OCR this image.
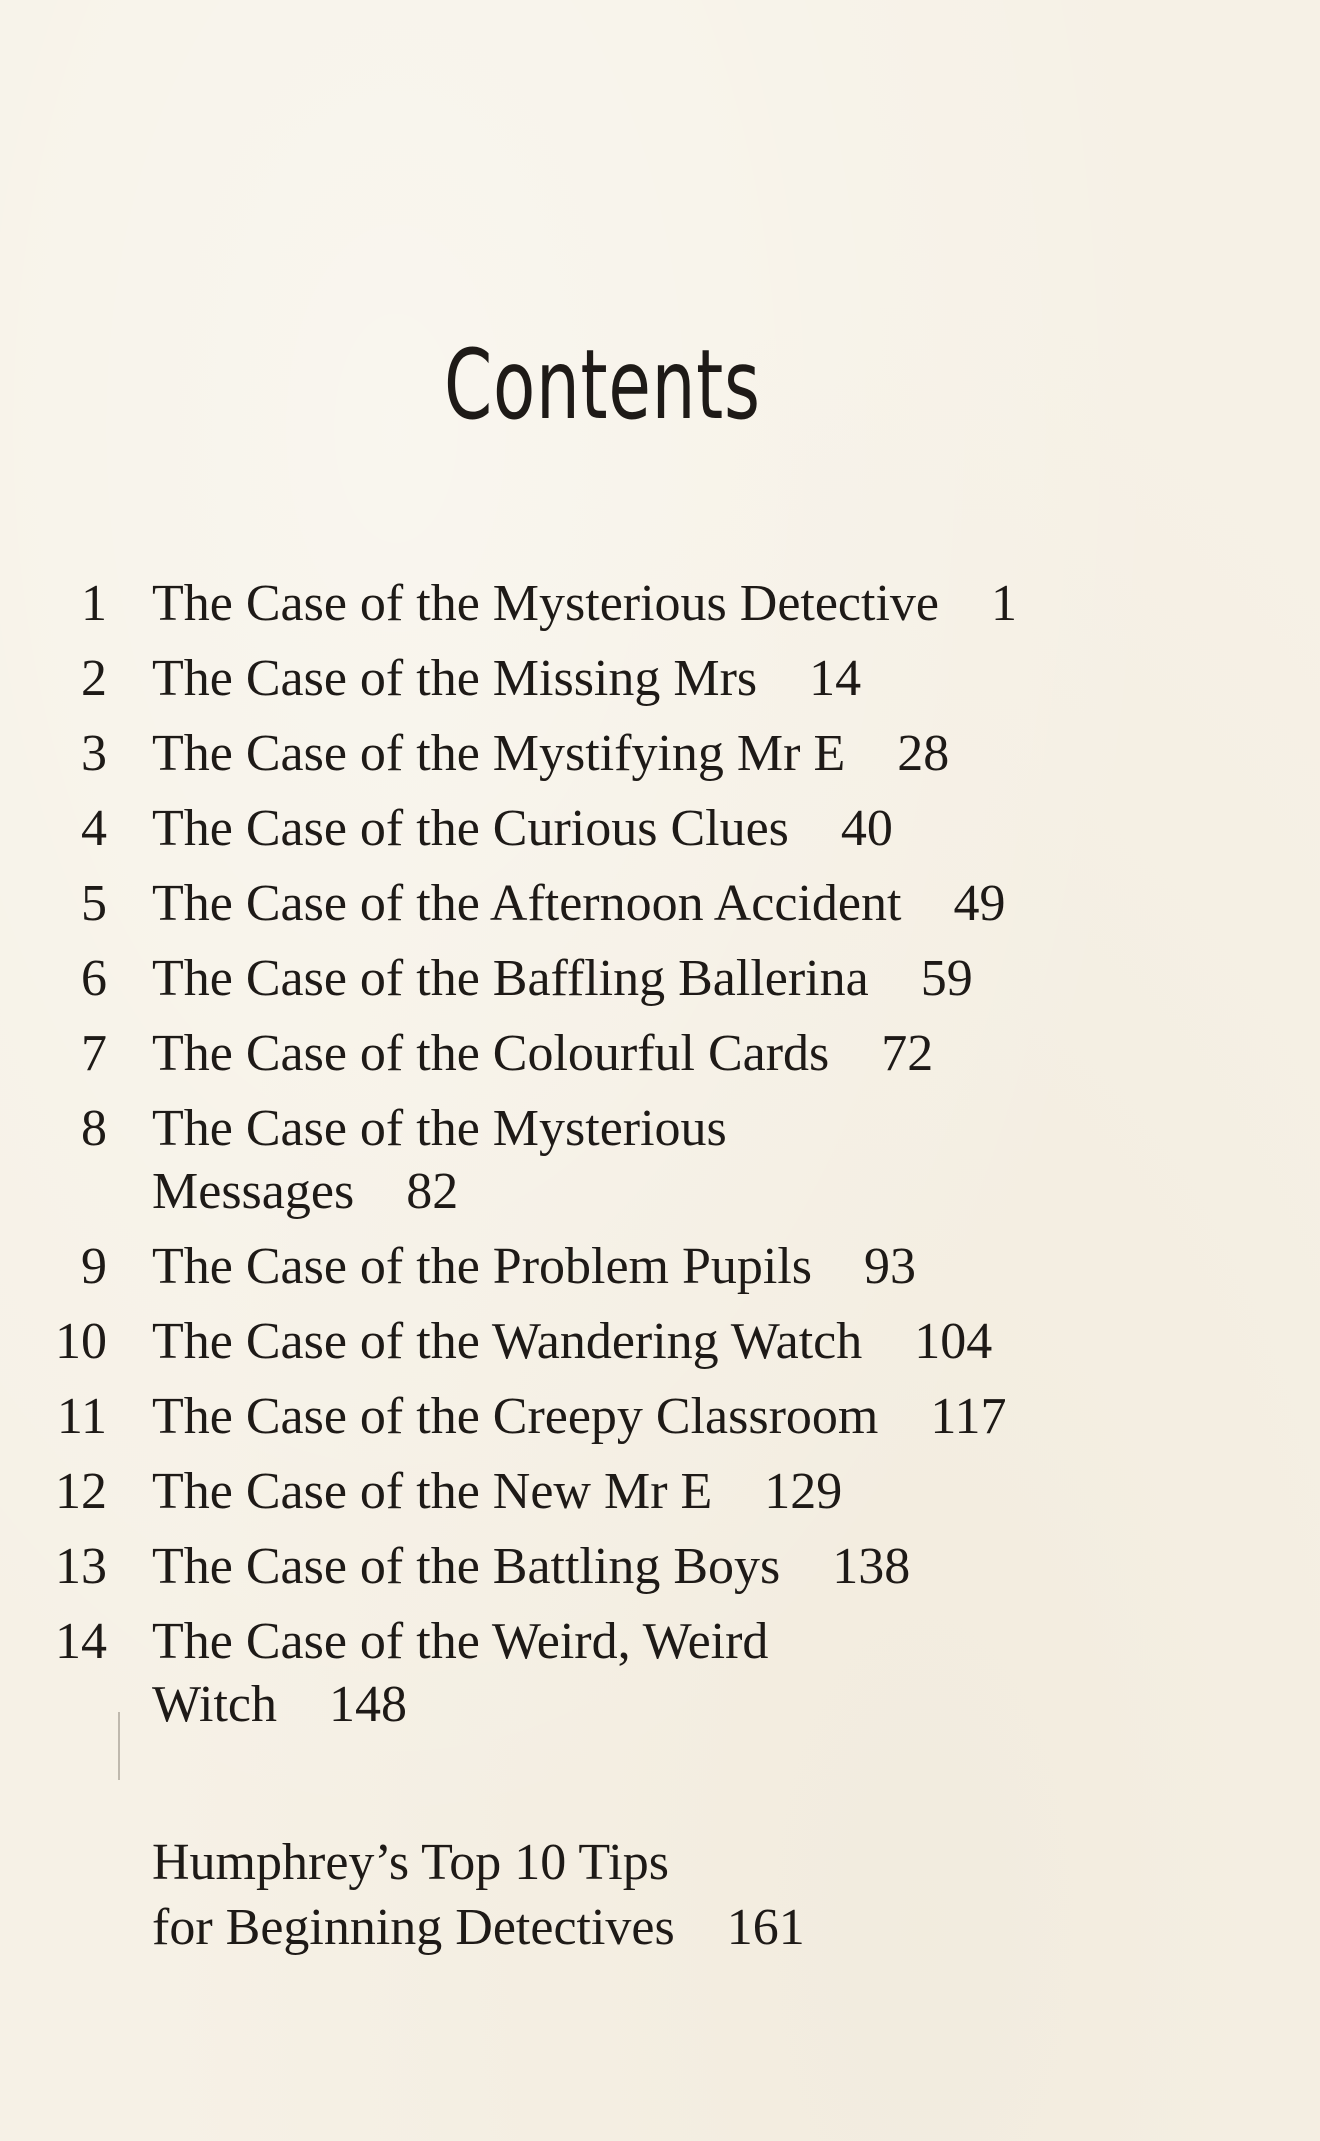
Contents
1 The Case of the Mysterious Detective 1
2 The Case of the Missing Mrs 14
3 The Case of the Mystifying Mr E 28
4 The Case of the Curious Clues 40
5 The Case of the Afternoon Accident 49
6 The Case of the Baffling Ballerina 59
7 The Case of the Colourful Cards 72
8 The Case of the Mysterious Messages 82
9 The Case of the Problem Pupils 93
10 The Case of the Wandering Watch 104
11 The Case of the Creepy Classroom 117
12 The Case of the New Mr E 129
13 The Case of the Battling Boys 138
14 The Case of the Weird, Weird Witch 148
Humphrey’s Top 10 Tips
for Beginning Detectives 161
